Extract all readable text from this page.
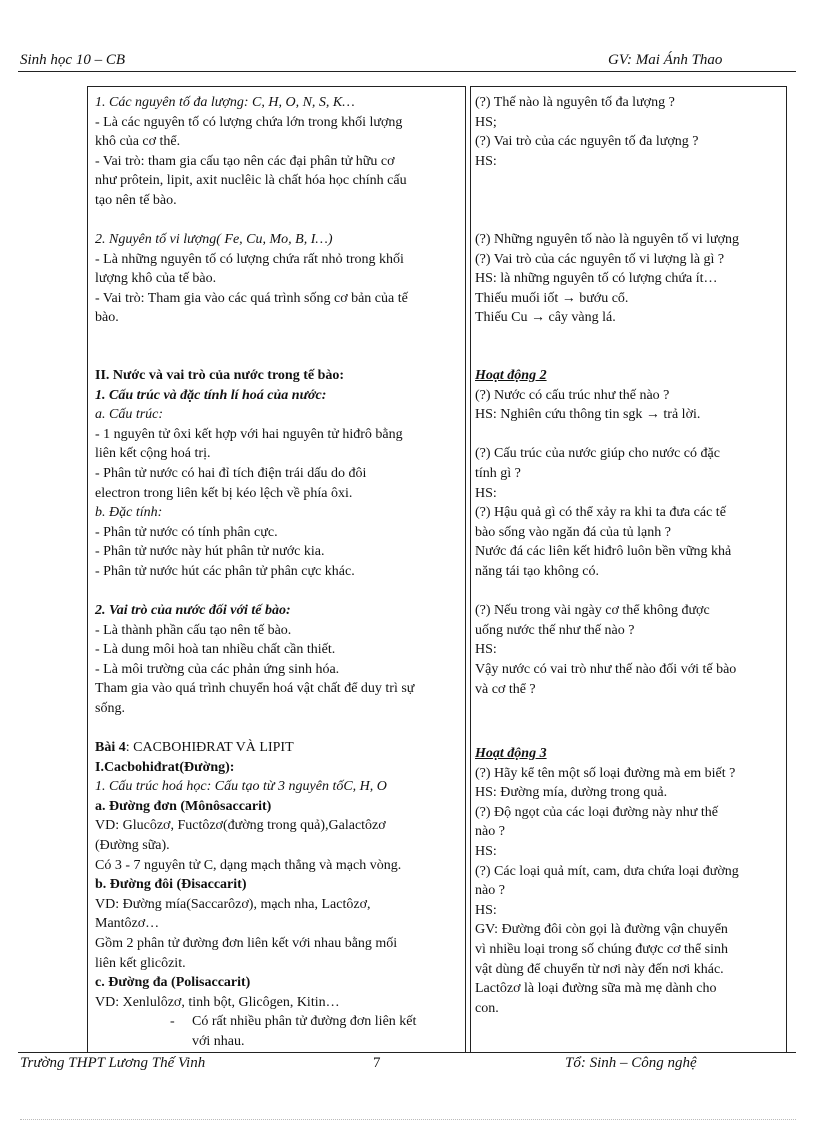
Sinh học 10 – CB	GV: Mai Ánh Thao
1. Các nguyên tố đa lượng: C, H, O, N, S, K…
- Là các nguyên tố có lượng chứa lớn trong khối lượng
khô của cơ thể.
- Vai trò: tham gia cấu tạo nên các đại phân tử hữu cơ
như prôtein, lipit, axit nuclêic là chất hóa học chính cấu
tạo nên tế bào.
2. Nguyên tố vi lượng( Fe, Cu, Mo, B, I…)
- Là những nguyên tố có lượng chứa rất nhỏ trong khối
lượng khô của tế bào.
- Vai trò: Tham gia vào các quá trình sống cơ bản của tế
bào.
II. Nước và vai trò của nước trong tế bào:
1. Cấu trúc và đặc tính lí hoá của nước:
a. Cấu trúc:
- 1 nguyên tử ôxi kết hợp với hai nguyên tử hiđrô bằng
liên kết cộng hoá trị.
- Phân tử nước có hai đỉ tích điện trái dấu do đôi
electron trong liên kết bị kéo lệch về phía ôxi.
b. Đặc tính:
- Phân tử nước có tính phân cực.
- Phân tử nước này hút phân tử nước kia.
- Phân tử nước hút các phân tử phân cực khác.
2. Vai trò của nước đối với tế bào:
- Là thành phần cấu tạo nên tế bào.
- Là dung môi hoà tan nhiều chất cần thiết.
- Là môi trường của các phản ứng sinh hóa.
Tham gia vào quá trình chuyển hoá vật chất để duy trì sự
sống.
Bài 4: CACBOHIĐRAT VÀ LIPIT
I.Cacbohiđrat(Đường):
1. Cấu trúc hoá học: Cấu tạo từ 3 nguyên tốC, H, O
a. Đường đơn (Mônôsaccarit)
VD: Glucôzơ, Fuctôzơ(đường trong quả),Galactôzơ
(Đường sữa).
Có 3 - 7 nguyên tử C, dạng mạch thẳng và mạch vòng.
b. Đường đôi (Đisaccarit)
VD: Đường mía(Saccarôzơ), mạch nha, Lactôzơ,
Mantôzơ…
Gồm 2 phân tử đường đơn liên kết với nhau bằng mối
liên kết glicôzit.
c. Đường đa (Polisaccarit)
VD: Xenlulôzơ, tinh bột, Glicôgen, Kitin…
- Có rất nhiều phân tử đường đơn liên kết
với nhau.
(?) Thế nào là nguyên tố đa lượng ?
HS;
(?) Vai trò của các nguyên tố đa lượng ?
HS:
(?) Những nguyên tố nào là nguyên tố vi lượng
(?) Vai trò của các nguyên tố vi lượng là gì ?
HS: là những nguyên tố có lượng chứa ít…
Thiếu muối iốt → bướu cổ.
Thiếu Cu → cây vàng lá.
Hoạt động 2
(?) Nước có cấu trúc như thế nào ?
HS: Nghiên cứu thông tin sgk → trả lời.
(?) Cấu trúc của nước giúp cho nước có đặc
tính gì ?
HS:
(?) Hậu quả gì có thể xảy ra khi ta đưa các tế
bào sống vào ngăn đá của tủ lạnh ?
Nước đá các liên kết hiđrô luôn bền vững khả
năng tái tạo không có.
(?) Nếu trong vài ngày cơ thể không được
uống nước thế như thế nào ?
HS:
Vậy nước có vai trò như thế nào đối với tế bào
và cơ thể ?
Hoạt động 3
(?) Hãy kể tên một số loại đường mà em biết ?
HS: Đường mía, dường trong quả.
(?) Độ ngọt của các loại đường này như thế
nào ?
HS:
(?) Các loại quả mít, cam, dưa chứa loại đường
nào ?
HS:
GV: Đường đôi còn gọi là đường vận chuyển
vì nhiều loại trong số chúng được cơ thể sinh
vật dùng để chuyển từ nơi này đến nơi khác.
Lactôzơ là loại đường sữa mà mẹ dành cho
con.
Trường THPT Lương Thế Vinh	7	Tổ: Sinh – Công nghệ
